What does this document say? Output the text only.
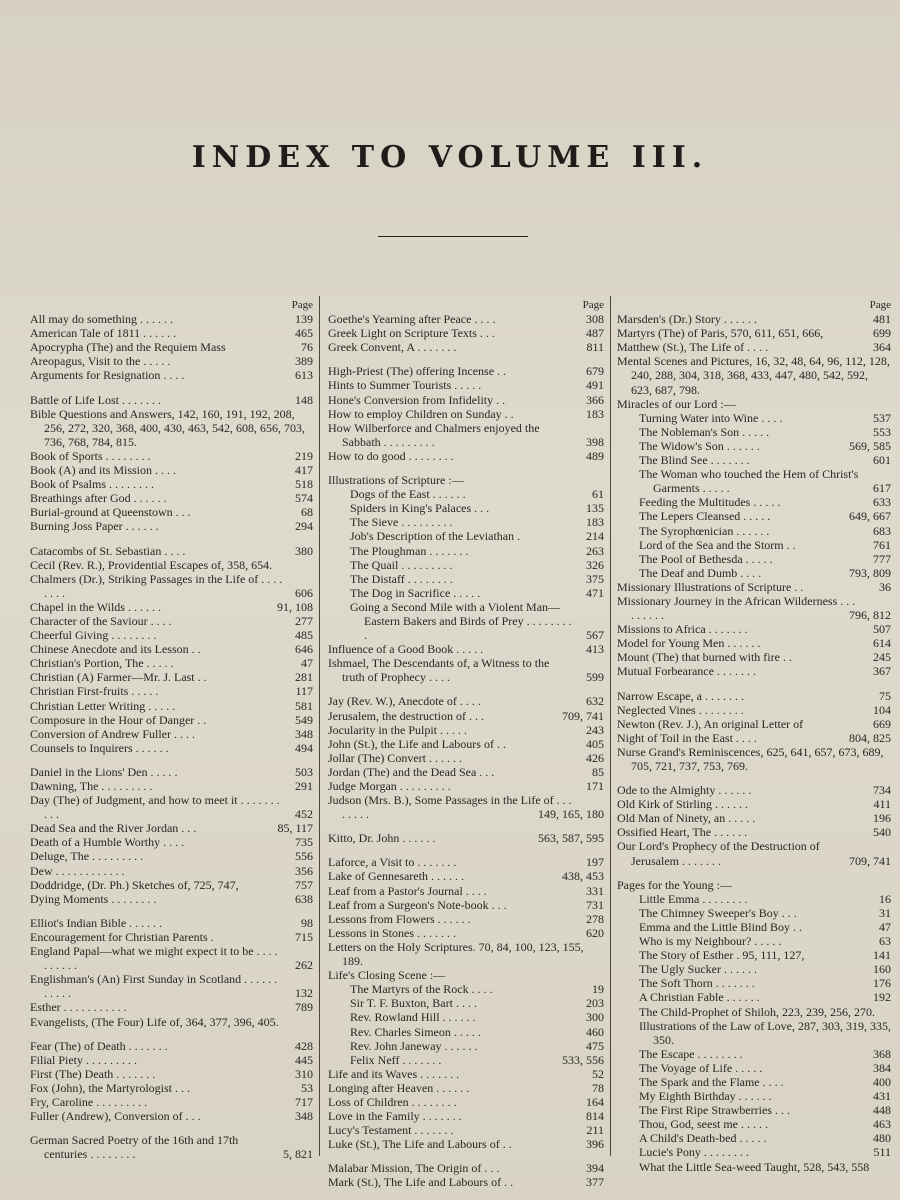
INDEX TO VOLUME III.
Page
All may do something . . . . . .	139
American Tale of 1811 . . . . . .	465
Apocrypha (The) and the Requiem Mass	76
Areopagus, Visit to the . . . . .	389
Arguments for Resignation . . . .	613
Battle of Life Lost . . . . . . .	148
Bible Questions and Answers, 142, 160, 191, 192, 208, 256, 272, 320, 368, 400, 430, 463, 542, 608, 656, 703, 736, 768, 784, 815.
Book of Sports . . . . . . . .	219
Book (A) and its Mission . . . .	417
Book of Psalms . . . . . . . .	518
Breathings after God . . . . . .	574
Burial-ground at Queenstown . . .	68
Burning Joss Paper . . . . . .	294
Catacombs of St. Sebastian . . . .	380
Cecil (Rev. R.), Providential Escapes of, 358, 654.
Chalmers (Dr.), Striking Passages in the Life of . . . . . . . .	606
Chapel in the Wilds . . . . . .	91, 108
Character of the Saviour . . . .	277
Cheerful Giving . . . . . . . .	485
Chinese Anecdote and its Lesson . .	646
Christian's Portion, The . . . . .	47
Christian (A) Farmer—Mr. J. Last . .	281
Christian First-fruits . . . . .	117
Christian Letter Writing . . . . .	581
Composure in the Hour of Danger . .	549
Conversion of Andrew Fuller . . . .	348
Counsels to Inquirers . . . . . .	494
Daniel in the Lions' Den . . . . .	503
Dawning, The . . . . . . . . .	291
Day (The) of Judgment, and how to meet it . . . . . . . . . .	452
Dead Sea and the River Jordan . . .	85, 117
Death of a Humble Worthy . . . .	735
Deluge, The . . . . . . . . .	556
Dew . . . . . . . . . . . .	356
Doddridge, (Dr. Ph.) Sketches of, 725, 747,	757
Dying Moments . . . . . . . .	638
Elliot's Indian Bible . . . . . .	98
Encouragement for Christian Parents .	715
England Papal—what we might expect it to be . . . . . . . . . .	262
Englishman's (An) First Sunday in Scotland . . . . . . . . . . .	132
Esther . . . . . . . . . . .	789
Evangelists, (The Four) Life of, 364, 377, 396, 405.
Fear (The) of Death . . . . . . .	428
Filial Piety . . . . . . . . .	445
First (The) Death . . . . . . .	310
Fox (John), the Martyrologist . . .	53
Fry, Caroline . . . . . . . . .	717
Fuller (Andrew), Conversion of . . .	348
German Sacred Poetry of the 16th and 17th centuries . . . . . . . .	5, 821
Page
Goethe's Yearning after Peace . . . .	308
Greek Light on Scripture Texts . . .	487
Greek Convent, A . . . . . . .	811
High-Priest (The) offering Incense . .	679
Hints to Summer Tourists . . . . .	491
Hone's Conversion from Infidelity . .	366
How to employ Children on Sunday . .	183
How Wilberforce and Chalmers enjoyed the Sabbath . . . . . . . . .	398
How to do good . . . . . . . .	489
Illustrations of Scripture :—
Dogs of the East . . . . . .	61
Spiders in King's Palaces . . .	135
The Sieve . . . . . . . . .	183
Job's Description of the Leviathan .	214
The Ploughman . . . . . . .	263
The Quail . . . . . . . . .	326
The Distaff . . . . . . . .	375
The Dog in Sacrifice . . . . .	471
Going a Second Mile with a Violent Man—Eastern Bakers and Birds of Prey . . . . . . . . .	567
Influence of a Good Book . . . . .	413
Ishmael, The Descendants of, a Witness to the truth of Prophecy . . . .	599
Jay (Rev. W.), Anecdote of . . . .	632
Jerusalem, the destruction of . . .	709, 741
Jocularity in the Pulpit . . . . .	243
John (St.), the Life and Labours of . .	405
Jollar (The) Convert . . . . . .	426
Jordan (The) and the Dead Sea . . .	85
Judge Morgan . . . . . . . . .	171
Judson (Mrs. B.), Some Passages in the Life of . . . . . . . .	149, 165, 180
Kitto, Dr. John . . . . . .	563, 587, 595
Laforce, a Visit to . . . . . . .	197
Lake of Gennesareth . . . . . .	438, 453
Leaf from a Pastor's Journal . . . .	331
Leaf from a Surgeon's Note-book . . .	731
Lessons from Flowers . . . . . .	278
Lessons in Stones . . . . . . .	620
Letters on the Holy Scriptures. 70, 84, 100, 123, 155, 189.
Life's Closing Scene :—
The Martyrs of the Rock . . . .	19
Sir T. F. Buxton, Bart . . . .	203
Rev. Rowland Hill . . . . . .	300
Rev. Charles Simeon . . . . .	460
Rev. John Janeway . . . . . .	475
Felix Neff . . . . . . .	533, 556
Life and its Waves . . . . . . .	52
Longing after Heaven . . . . . .	78
Loss of Children . . . . . . . .	164
Love in the Family . . . . . . .	814
Lucy's Testament . . . . . . .	211
Luke (St.), The Life and Labours of . .	396
Malabar Mission, The Origin of . . .	394
Mark (St.), The Life and Labours of . .	377
Page
Marsden's (Dr.) Story . . . . . .	481
Martyrs (The) of Paris, 570, 611, 651, 666,	699
Matthew (St.), The Life of . . . .	364
Mental Scenes and Pictures, 16, 32, 48, 64, 96, 112, 128, 240, 288, 304, 318, 368, 433, 447, 480, 542, 592, 623, 687, 798.
Miracles of our Lord :—
Turning Water into Wine . . . .	537
The Nobleman's Son . . . . .	553
The Widow's Son . . . . . .	569, 585
The Blind See . . . . . . .	601
The Woman who touched the Hem of Christ's Garments . . . . .	617
Feeding the Multitudes . . . . .	633
The Lepers Cleansed . . . . .	649, 667
The Syrophœnician . . . . . .	683
Lord of the Sea and the Storm . .	761
The Pool of Bethesda . . . . .	777
The Deaf and Dumb . . . .	793, 809
Missionary Illustrations of Scripture . .	36
Missionary Journey in the African Wilderness . . . . . . . . .	796, 812
Missions to Africa . . . . . . .	507
Model for Young Men . . . . . .	614
Mount (The) that burned with fire . .	245
Mutual Forbearance . . . . . . .	367
Narrow Escape, a . . . . . . .	75
Neglected Vines . . . . . . . .	104
Newton (Rev. J.), An original Letter of	669
Night of Toil in the East . . . .	804, 825
Nurse Grand's Reminiscences, 625, 641, 657, 673, 689, 705, 721, 737, 753, 769.
Ode to the Almighty . . . . . .	734
Old Kirk of Stirling . . . . . .	411
Old Man of Ninety, an . . . . .	196
Ossified Heart, The . . . . . .	540
Our Lord's Prophecy of the Destruction of Jerusalem . . . . . . .	709, 741
Pages for the Young :—
Little Emma . . . . . . . .	16
The Chimney Sweeper's Boy . . .	31
Emma and the Little Blind Boy . .	47
Who is my Neighbour? . . . . .	63
The Story of Esther . 95, 111, 127,	141
The Ugly Sucker . . . . . .	160
The Soft Thorn . . . . . . .	176
A Christian Fable . . . . . .	192
The Child-Prophet of Shiloh, 223, 239, 256, 270.
Illustrations of the Law of Love, 287, 303, 319, 335, 350.
The Escape . . . . . . . .	368
The Voyage of Life . . . . .	384
The Spark and the Flame . . . .	400
My Eighth Birthday . . . . . .	431
The First Ripe Strawberries . . .	448
Thou, God, seest me . . . . .	463
A Child's Death-bed . . . . .	480
Lucie's Pony . . . . . . . .	511
What the Little Sea-weed Taught, 528, 543, 558
